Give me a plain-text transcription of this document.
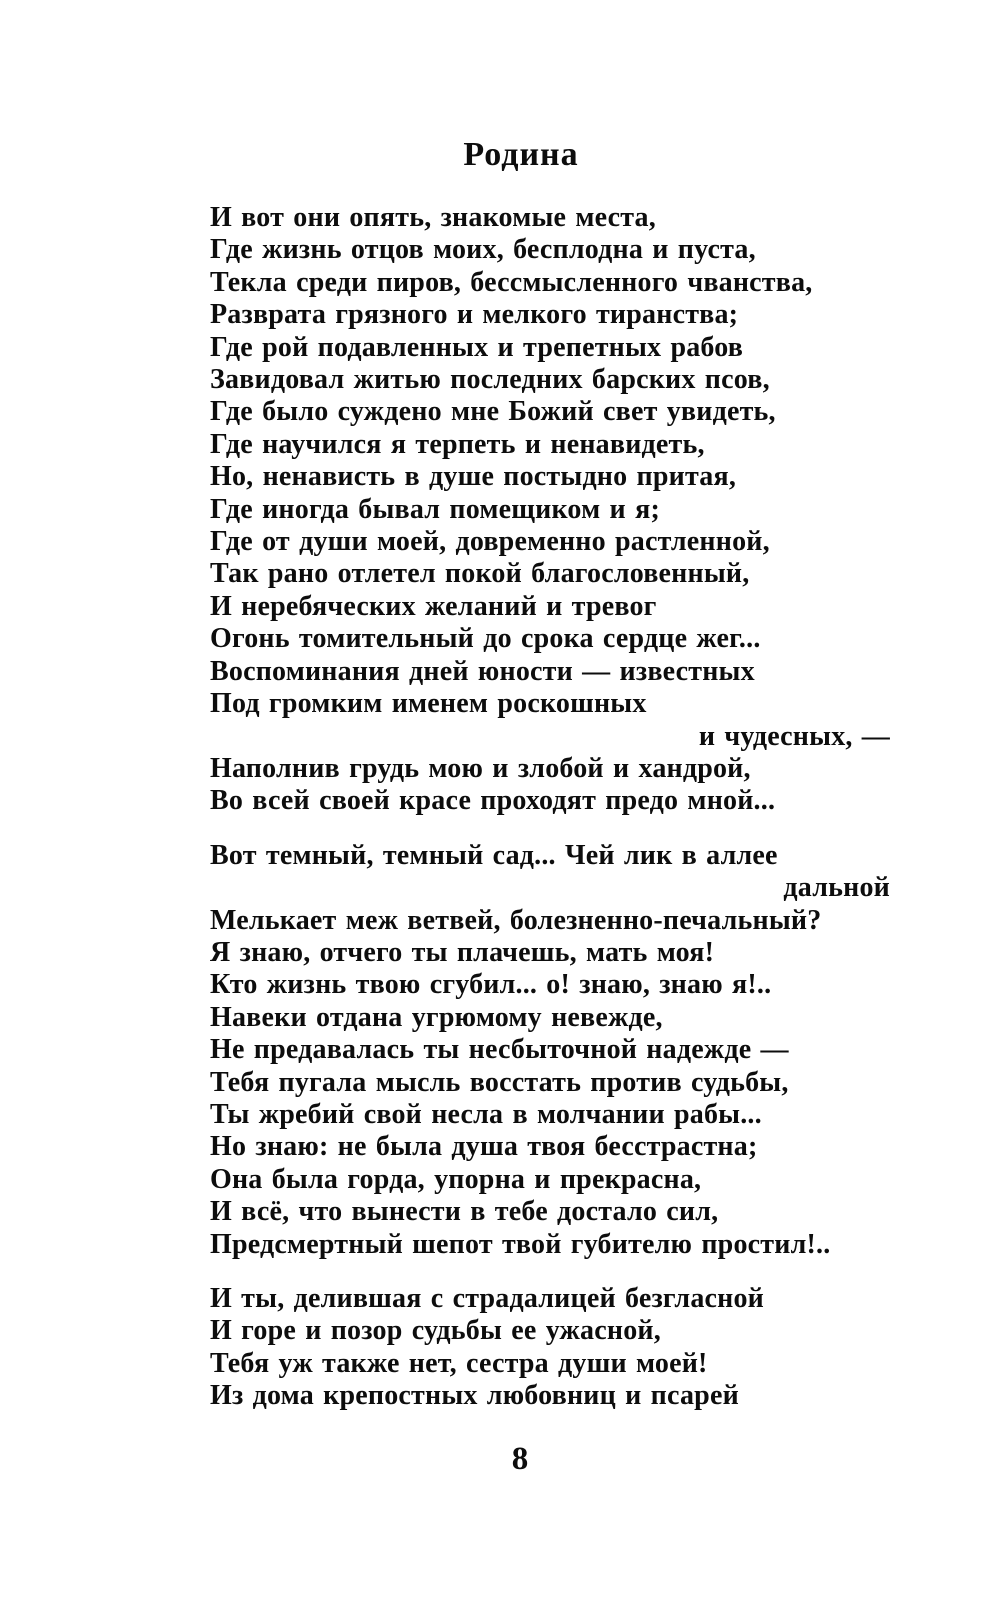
Родина
И вот они опять, знакомые места,
Где жизнь отцов моих, бесплодна и пуста,
Текла среди пиров, бессмысленного чванства,
Разврата грязного и мелкого тиранства;
Где рой подавленных и трепетных рабов
Завидовал житью последних барских псов,
Где было суждено мне Божий свет увидеть,
Где научился я терпеть и ненавидеть,
Но, ненависть в душе постыдно притая,
Где иногда бывал помещиком и я;
Где от души моей, довременно растленной,
Так рано отлетел покой благословенный,
И неребяческих желаний и тревог
Огонь томительный до срока сердце жег...
Воспоминания дней юности — известных
Под громким именем роскошных
и чудесных, —
Наполнив грудь мою и злобой и хандрой,
Во всей своей красе проходят предо мной...
Вот темный, темный сад... Чей лик в аллее
дальной
Мелькает меж ветвей, болезненно-печальный?
Я знаю, отчего ты плачешь, мать моя!
Кто жизнь твою сгубил... о! знаю, знаю я!..
Навеки отдана угрюмому невежде,
Не предавалась ты несбыточной надежде —
Тебя пугала мысль восстать против судьбы,
Ты жребий свой несла в молчании рабы...
Но знаю: не была душа твоя бесстрастна;
Она была горда, упорна и прекрасна,
И всё, что вынести в тебе достало сил,
Предсмертный шепот твой губителю простил!..
И ты, делившая с страдалицей безгласной
И горе и позор судьбы ее ужасной,
Тебя уж также нет, сестра души моей!
Из дома крепостных любовниц и псарей
8
